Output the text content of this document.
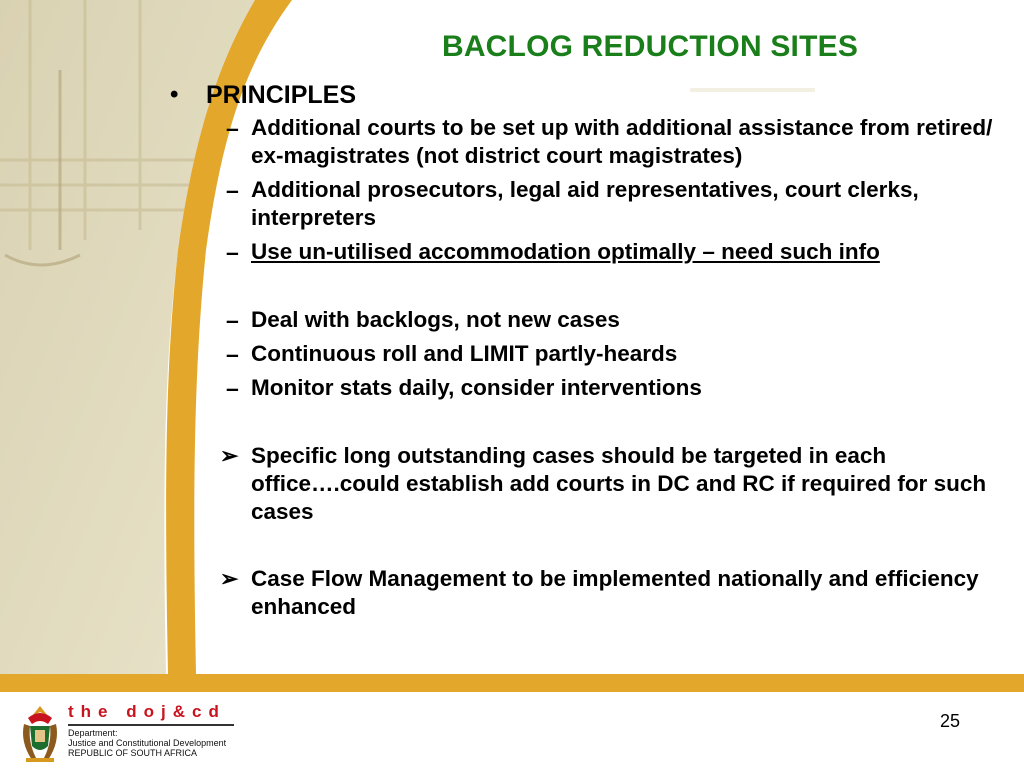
BACLOG REDUCTION SITES
• PRINCIPLES
– Additional courts to be set up with additional assistance from retired/ ex-magistrates (not district court magistrates)
– Additional prosecutors, legal aid representatives, court clerks, interpreters
– Use un-utilised accommodation optimally – need such info
– Deal with backlogs, not new cases
– Continuous roll and LIMIT partly-heards
– Monitor stats daily, consider interventions
➢ Specific long outstanding cases should be targeted in each office….could establish add courts in DC and RC if required for such cases
➢ Case Flow Management to be implemented nationally and efficiency enhanced
the doj&cd
Department:
Justice and Constitutional Development
REPUBLIC OF SOUTH AFRICA
25
